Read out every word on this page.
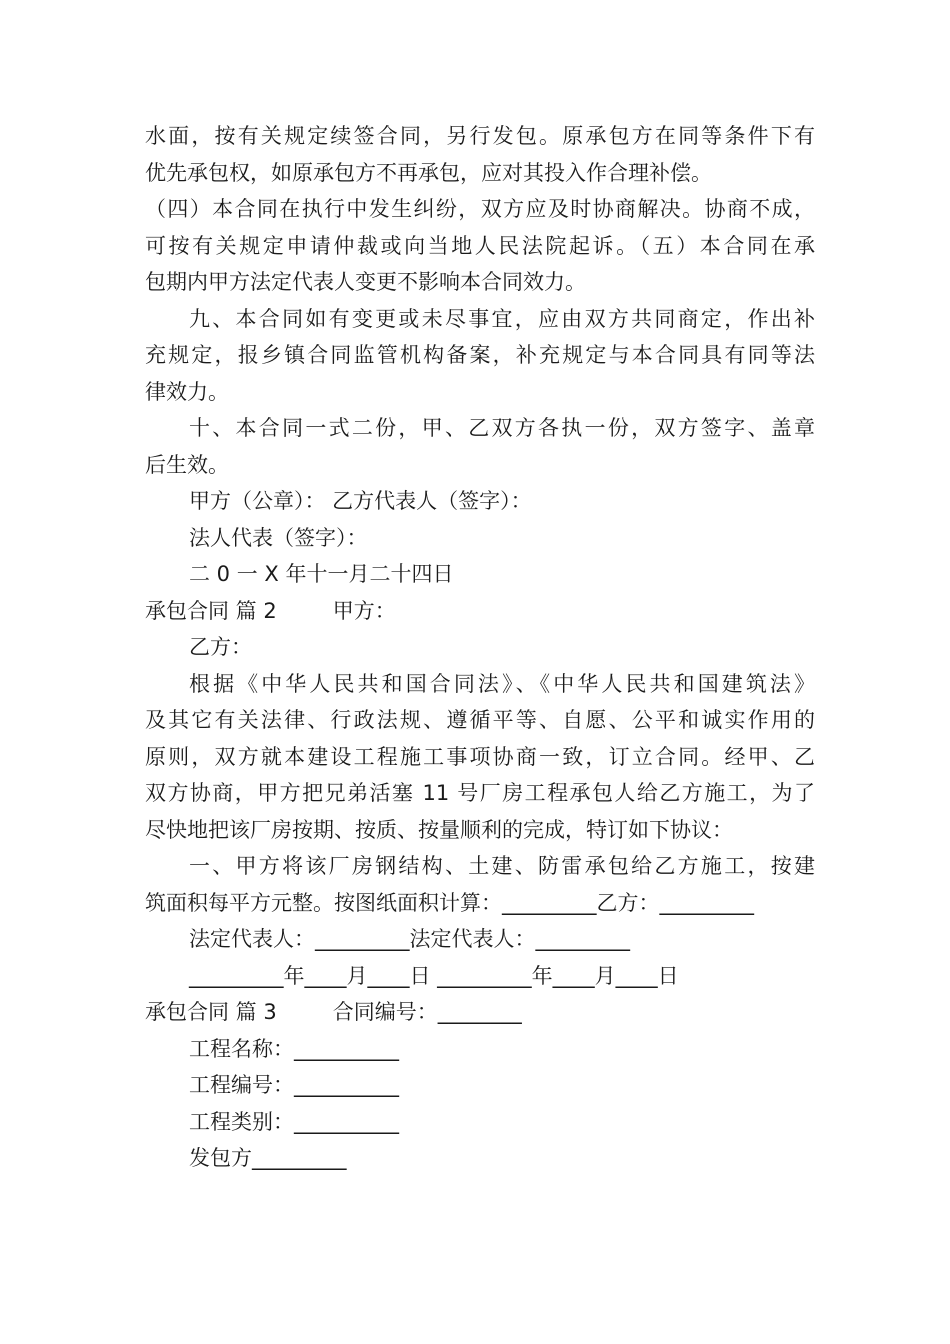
水面，按有关规定续签合同，另行发包。原承包方在同等条件下有
优先承包权，如原承包方不再承包，应对其投入作合理补偿。
（四）本合同在执行中发生纠纷，双方应及时协商解决。协商不成，
可按有关规定申请仲裁或向当地人民法院起诉。（五）本合同在承
包期内甲方法定代表人变更不影响本合同效力。
九、本合同如有变更或未尽事宜，应由双方共同商定，作出补
充规定，报乡镇合同监管机构备案，补充规定与本合同具有同等法
律效力。
十、本合同一式二份，甲、乙双方各执一份，双方签字、盖章
后生效。
甲方（公章）： 乙方代表人（签字）：
法人代表（签字）：
二 0 一 X 年十一月二十四日
承包合同 篇 2	甲方：
乙方：
根据《中华人民共和国合同法》、《中华人民共和国建筑法》
及其它有关法律、行政法规、遵循平等、自愿、公平和诚实作用的
原则，双方就本建设工程施工事项协商一致，订立合同。经甲、乙
双方协商，甲方把兄弟活塞 11 号厂房工程承包人给乙方施工，为了
尽快地把该厂房按期、按质、按量顺利的完成，特订如下协议：
一、甲方将该厂房钢结构、土建、防雷承包给乙方施工，按建
筑面积每平方元整。按图纸面积计算：_________乙方：_________
法定代表人：_________法定代表人：_________
_________年____月____日 _________年____月____日
承包合同 篇 3	合同编号：________
工程名称：__________
工程编号：__________
工程类别：__________
发包方_________
